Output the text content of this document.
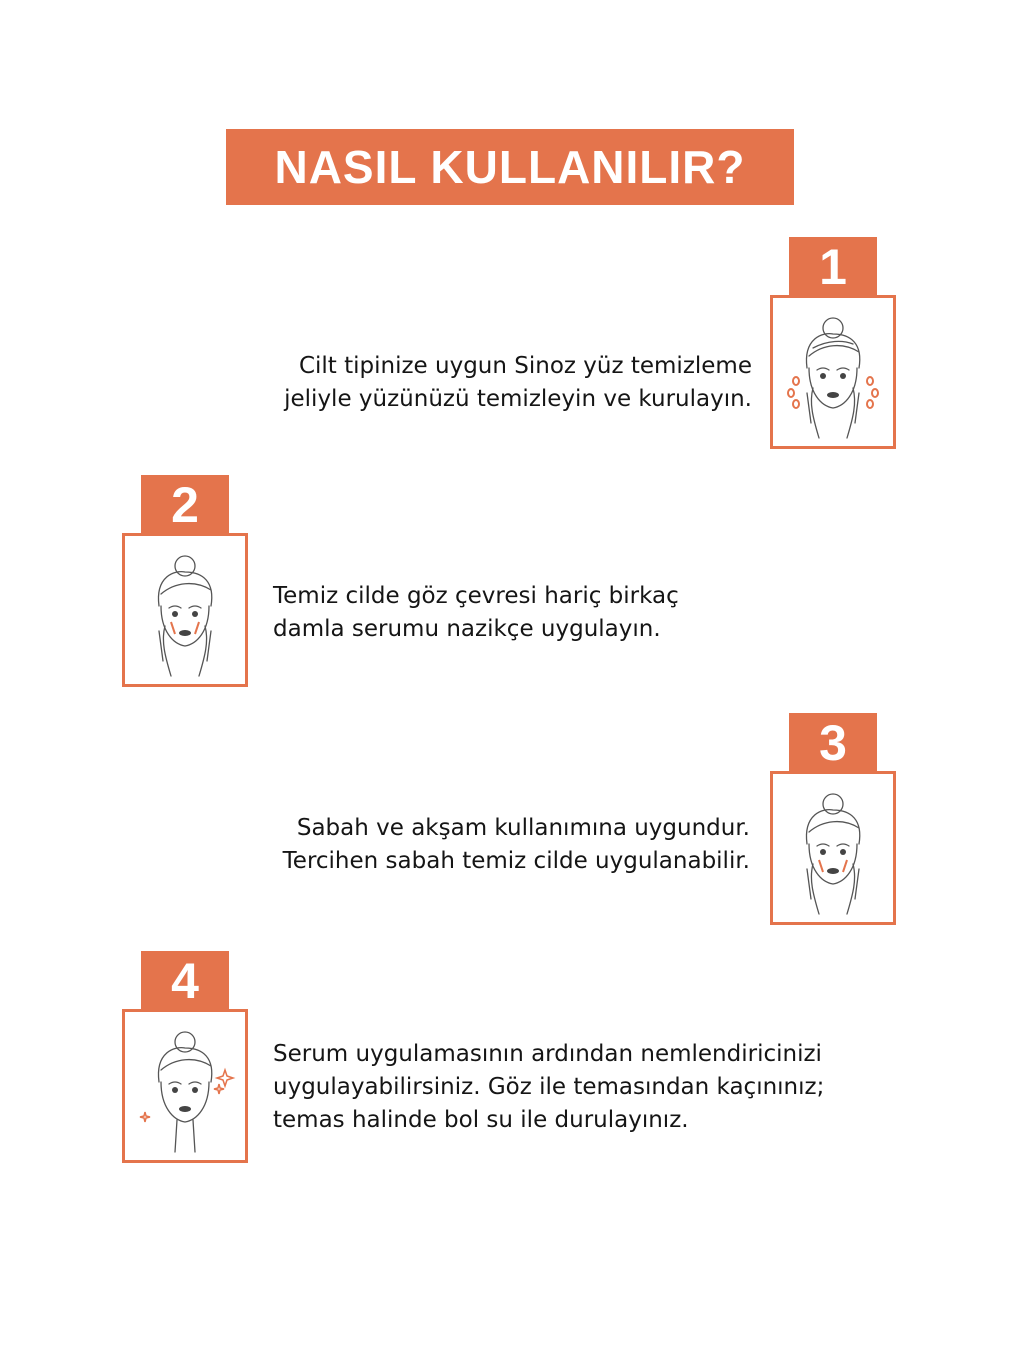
NASIL KULLANILIR?
1
Cilt tipinize uygun Sinoz yüz temizleme
jeliyle yüzünüzü temizleyin ve kurulayın.
2
Temiz cilde göz çevresi hariç birkaç
damla serumu nazikçe uygulayın.
3
Sabah ve akşam kullanımına uygundur.
Tercihen sabah temiz cilde uygulanabilir.
4
Serum uygulamasının ardından nemlendiricinizi
uygulayabilirsiniz. Göz ile temasından kaçınınız;
temas halinde bol su ile durulayınız.
